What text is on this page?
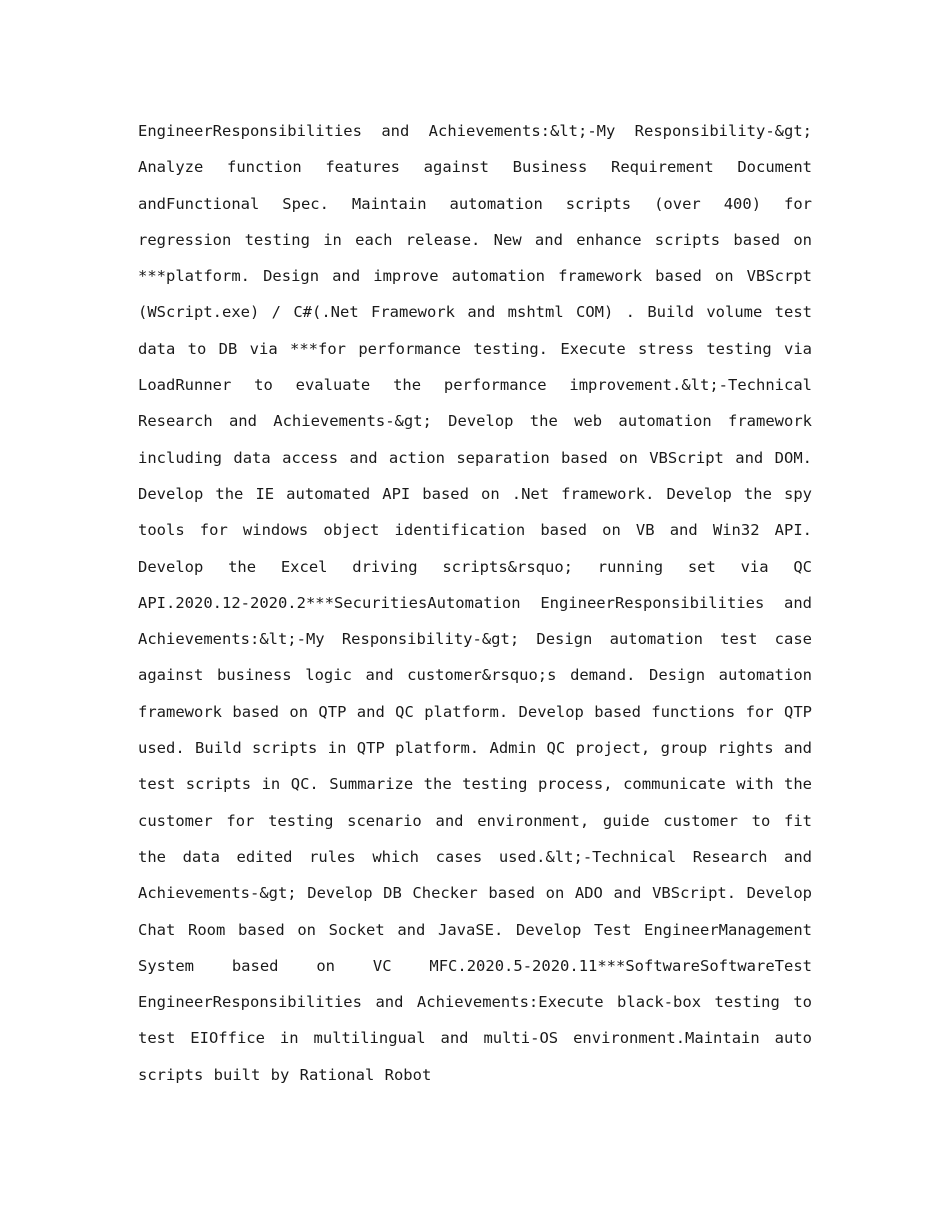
EngineerResponsibilities and Achievements:&lt;-My Responsibility-&gt; Analyze function features against Business Requirement Document andFunctional Spec. Maintain automation scripts (over 400) for regression testing in each release. New and enhance scripts based on ***platform. Design and improve automation framework based on VBScrpt (WScript.exe) / C#(.Net Framework and mshtml COM) . Build volume test data to DB via ***for performance testing. Execute stress testing via LoadRunner to evaluate the performance improvement.&lt;-Technical Research and Achievements-&gt; Develop the web automation framework including data access and action separation based on VBScript and DOM. Develop the IE automated API based on .Net framework. Develop the spy tools for windows object identification based on VB and Win32 API. Develop the Excel driving scripts&rsquo; running set via QC API.2020.12-2020.2***SecuritiesAutomation EngineerResponsibilities and Achievements:&lt;-My Responsibility-&gt; Design automation test case against business logic and customer&rsquo;s demand. Design automation framework based on QTP and QC platform. Develop based functions for QTP used. Build scripts in QTP platform. Admin QC project, group rights and test scripts in QC. Summarize the testing process, communicate with the customer for testing scenario and environment, guide customer to fit the data edited rules which cases used.&lt;-Technical Research and Achievements-&gt; Develop DB Checker based on ADO and VBScript. Develop Chat Room based on Socket and JavaSE. Develop Test EngineerManagement System based on VC MFC.2020.5-2020.11***SoftwareSoftwareTest EngineerResponsibilities and Achievements:Execute black-box testing to test EIOffice in multilingual and multi-OS environment.Maintain auto scripts built by Rational Robot
